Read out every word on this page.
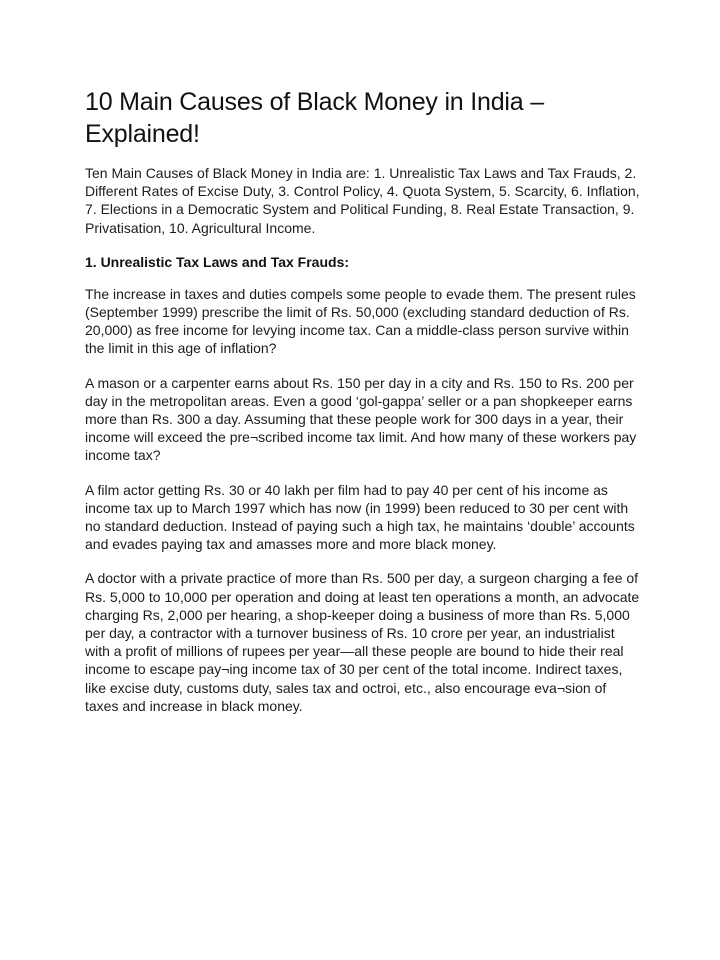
10 Main Causes of Black Money in India – Explained!

Ten Main Causes of Black Money in India are: 1. Unrealistic Tax Laws and Tax Frauds, 2. Different Rates of Excise Duty, 3. Control Policy, 4. Quota System, 5. Scarcity, 6. Inflation, 7. Elections in a Democratic System and Political Funding, 8. Real Estate Transaction, 9. Privatisation, 10. Agricultural Income.

1. Unrealistic Tax Laws and Tax Frauds:

The increase in taxes and duties compels some people to evade them. The present rules (September 1999) prescribe the limit of Rs. 50,000 (excluding standard deduction of Rs. 20,000) as free income for levying income tax. Can a middle-class person survive within the limit in this age of inflation?

A mason or a carpenter earns about Rs. 150 per day in a city and Rs. 150 to Rs. 200 per day in the metropolitan areas. Even a good ‘gol-gappa’ seller or a pan shopkeeper earns more than Rs. 300 a day. Assuming that these people work for 300 days in a year, their income will exceed the pre¬scribed income tax limit. And how many of these workers pay income tax?

A film actor getting Rs. 30 or 40 lakh per film had to pay 40 per cent of his income as income tax up to March 1997 which has now (in 1999) been reduced to 30 per cent with no standard deduction. Instead of paying such a high tax, he maintains ‘double’ accounts and evades paying tax and amasses more and more black money.

A doctor with a private practice of more than Rs. 500 per day, a surgeon charging a fee of Rs. 5,000 to 10,000 per operation and doing at least ten operations a month, an advocate charging Rs, 2,000 per hearing, a shop-keeper doing a business of more than Rs. 5,000 per day, a contractor with a turnover business of Rs. 10 crore per year, an industrialist with a profit of millions of rupees per year—all these people are bound to hide their real income to escape pay¬ing income tax of 30 per cent of the total income. Indirect taxes, like excise duty, customs duty, sales tax and octroi, etc., also encourage eva¬sion of taxes and increase in black money.
